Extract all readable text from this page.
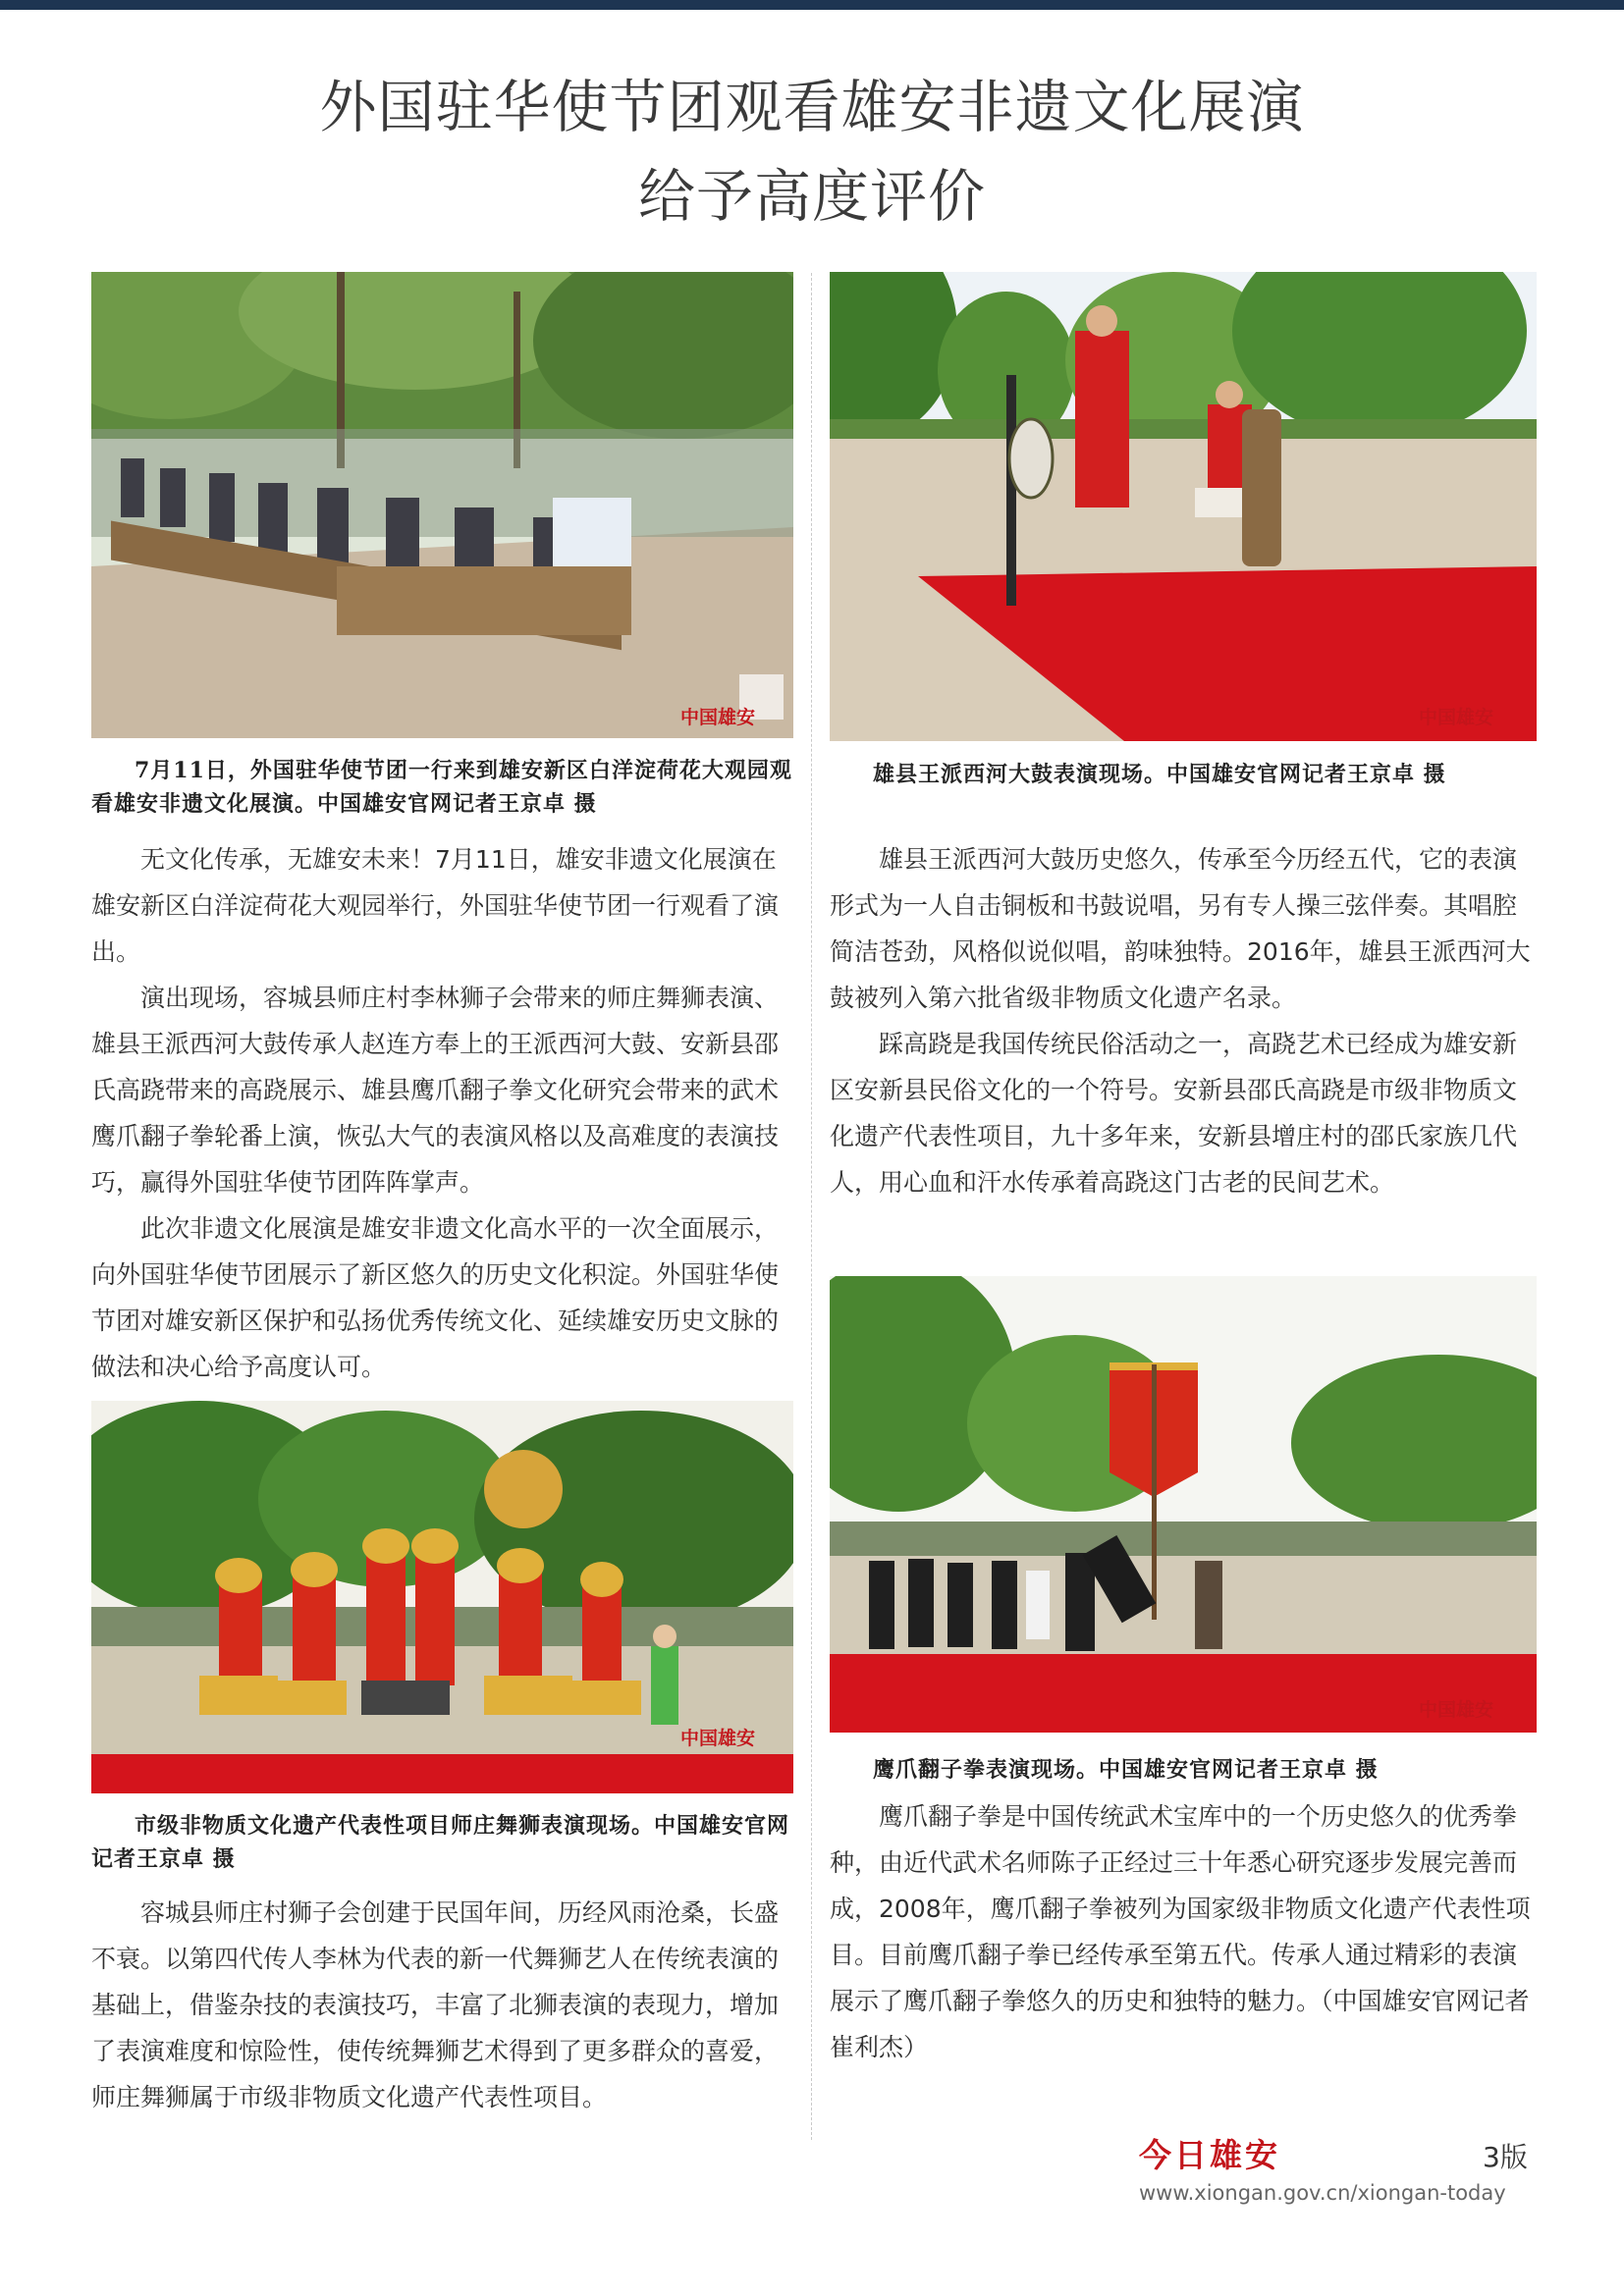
外国驻华使节团观看雄安非遗文化展演
给予高度评价
中国雄安
7月11日，外国驻华使节团一行来到雄安新区白洋淀荷花大观园观看雄安非遗文化展演。中国雄安官网记者王京卓 摄

无文化传承，无雄安未来！7月11日，雄安非遗文化展演在雄安新区白洋淀荷花大观园举行，外国驻华使节团一行观看了演出。

演出现场，容城县师庄村李林狮子会带来的师庄舞狮表演、雄县王派西河大鼓传承人赵连方奉上的王派西河大鼓、安新县邵氏高跷带来的高跷展示、雄县鹰爪翻子拳文化研究会带来的武术鹰爪翻子拳轮番上演，恢弘大气的表演风格以及高难度的表演技巧，赢得外国驻华使节团阵阵掌声。

此次非遗文化展演是雄安非遗文化高水平的一次全面展示，向外国驻华使节团展示了新区悠久的历史文化积淀。外国驻华使节团对雄安新区保护和弘扬优秀传统文化、延续雄安历史文脉的做法和决心给予高度认可。

中国雄安
市级非物质文化遗产代表性项目师庄舞狮表演现场。中国雄安官网记者王京卓 摄

容城县师庄村狮子会创建于民国年间，历经风雨沧桑，长盛不衰。以第四代传人李林为代表的新一代舞狮艺人在传统表演的基础上，借鉴杂技的表演技巧，丰富了北狮表演的表现力，增加了表演难度和惊险性，使传统舞狮艺术得到了更多群众的喜爱，师庄舞狮属于市级非物质文化遗产代表性项目。

中国雄安
雄县王派西河大鼓表演现场。中国雄安官网记者王京卓 摄

雄县王派西河大鼓历史悠久，传承至今历经五代，它的表演形式为一人自击铜板和书鼓说唱，另有专人操三弦伴奏。其唱腔简洁苍劲，风格似说似唱，韵味独特。2016年，雄县王派西河大鼓被列入第六批省级非物质文化遗产名录。

踩高跷是我国传统民俗活动之一，高跷艺术已经成为雄安新区安新县民俗文化的一个符号。安新县邵氏高跷是市级非物质文化遗产代表性项目，九十多年来，安新县增庄村的邵氏家族几代人，用心血和汗水传承着高跷这门古老的民间艺术。

中国雄安
鹰爪翻子拳表演现场。中国雄安官网记者王京卓 摄

鹰爪翻子拳是中国传统武术宝库中的一个历史悠久的优秀拳种，由近代武术名师陈子正经过三十年悉心研究逐步发展完善而成，2008年，鹰爪翻子拳被列为国家级非物质文化遗产代表性项目。目前鹰爪翻子拳已经传承至第五代。传承人通过精彩的表演展示了鹰爪翻子拳悠久的历史和独特的魅力。（中国雄安官网记者 崔利杰）

今日雄安	3版
www.xiongan.gov.cn/xiongan-today
